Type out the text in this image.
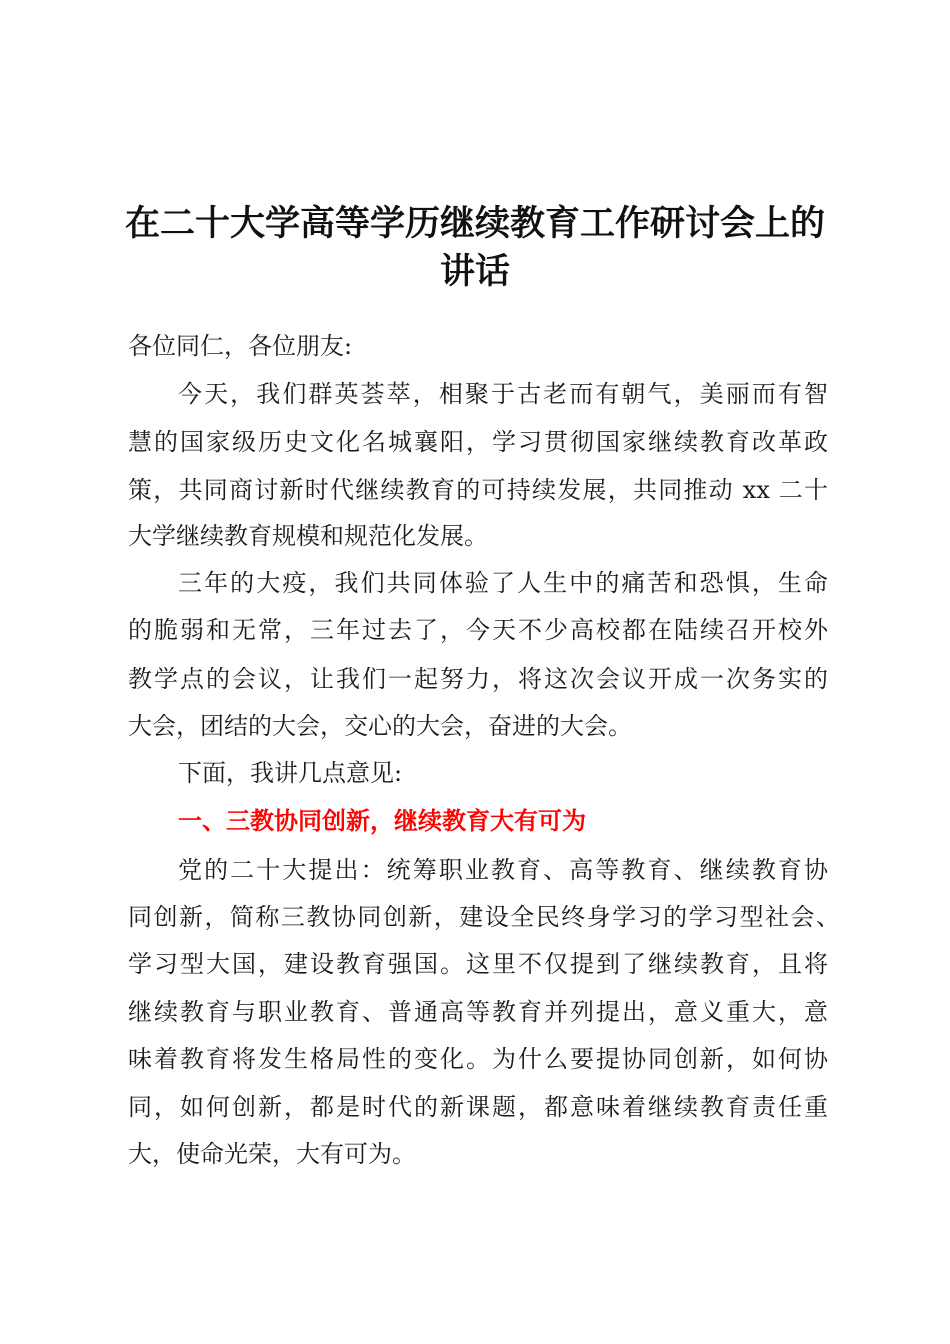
在二十大学高等学历继续教育工作研讨会上的
讲话
各位同仁，各位朋友:
今天，我们群英荟萃，相聚于古老而有朝气，美丽而有智
慧的国家级历史文化名城襄阳，学习贯彻国家继续教育改革政
策，共同商讨新时代继续教育的可持续发展，共同推动 xx 二十
大学继续教育规模和规范化发展。
三年的大疫，我们共同体验了人生中的痛苦和恐惧，生命
的脆弱和无常，三年过去了，今天不少高校都在陆续召开校外
教学点的会议，让我们一起努力，将这次会议开成一次务实的
大会，团结的大会，交心的大会，奋进的大会。
下面，我讲几点意见:
一、三教协同创新，继续教育大有可为
党的二十大提出：统筹职业教育、高等教育、继续教育协
同创新，简称三教协同创新，建设全民终身学习的学习型社会、
学习型大国，建设教育强国。这里不仅提到了继续教育，且将
继续教育与职业教育、普通高等教育并列提出，意义重大，意
味着教育将发生格局性的变化。为什么要提协同创新，如何协
同，如何创新，都是时代的新课题，都意味着继续教育责任重
大，使命光荣，大有可为。
